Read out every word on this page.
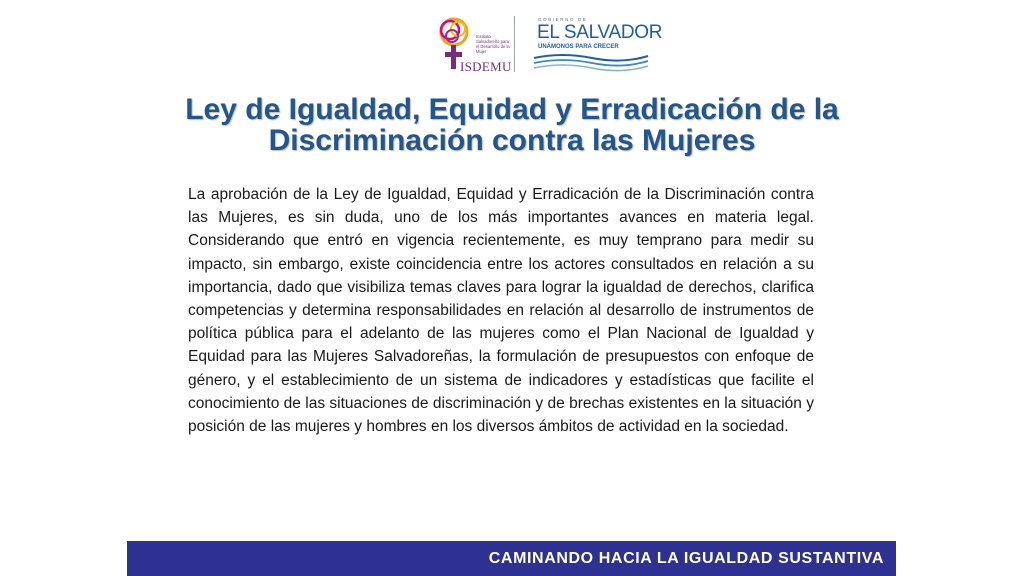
Instituto Salvadoreño para el Desarrollo de la Mujer
ISDEMU
GOBIERNO DE
EL SALVADOR
UNÁMONOS PARA CRECER
Ley de Igualdad, Equidad y Erradicación de la Discriminación contra las Mujeres

La aprobación de la Ley de Igualdad, Equidad y Erradicación de la Discriminación contra las Mujeres, es sin duda, uno de los más importantes avances en materia legal. Considerando que entró en vigencia recientemente, es muy temprano para medir su impacto, sin embargo, existe coincidencia entre los actores consultados en relación a su importancia, dado que visibiliza temas claves para lograr la igualdad de derechos, clarifica competencias y determina responsabilidades en relación al desarrollo de instrumentos de política pública para el adelanto de las mujeres como el Plan Nacional de Igualdad y Equidad para las Mujeres Salvadoreñas, la formulación de presupuestos con enfoque de género, y el establecimiento de un sistema de indicadores y estadísticas que facilite el conocimiento de las situaciones de discriminación y de brechas existentes en la situación y posición de las mujeres y hombres en los diversos ámbitos de actividad en la sociedad.

CAMINANDO HACIA LA IGUALDAD SUSTANTIVA
